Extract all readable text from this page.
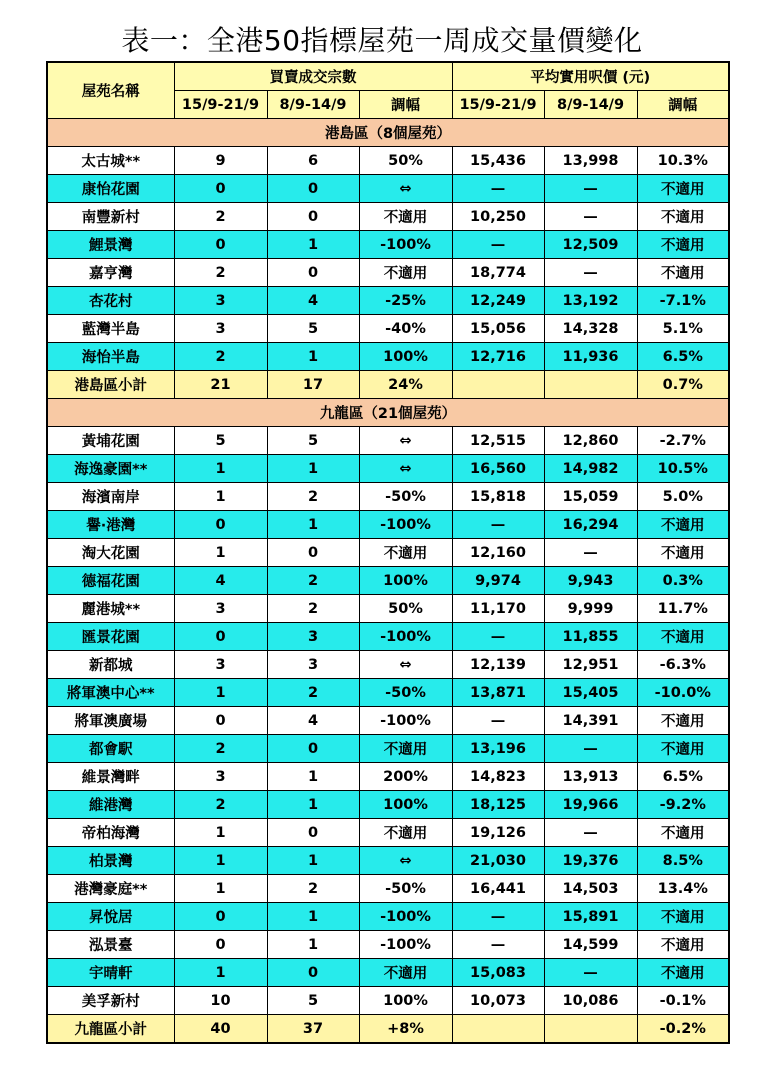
表一：全港50指標屋苑一周成交量價變化
屋苑名稱	買賣成交宗數			平均實用呎價 (元)		
	15/9-21/9	8/9-14/9	調幅	15/9-21/9	8/9-14/9	調幅
港島區（8個屋苑）						
太古城**	9	6	50%	15,436	13,998	10.3%
康怡花園	0	0	⇔	—	—	不適用
南豐新村	2	0	不適用	10,250	—	不適用
鯉景灣	0	1	-100%	—	12,509	不適用
嘉亨灣	2	0	不適用	18,774	—	不適用
杏花村	3	4	-25%	12,249	13,192	-7.1%
藍灣半島	3	5	-40%	15,056	14,328	5.1%
海怡半島	2	1	100%	12,716	11,936	6.5%
港島區小計	21	17	24%			0.7%
九龍區（21個屋苑）						
黃埔花園	5	5	⇔	12,515	12,860	-2.7%
海逸豪園**	1	1	⇔	16,560	14,982	10.5%
海濱南岸	1	2	-50%	15,818	15,059	5.0%
譽·港灣	0	1	-100%	—	16,294	不適用
淘大花園	1	0	不適用	12,160	—	不適用
德福花園	4	2	100%	9,974	9,943	0.3%
麗港城**	3	2	50%	11,170	9,999	11.7%
匯景花園	0	3	-100%	—	11,855	不適用
新都城	3	3	⇔	12,139	12,951	-6.3%
將軍澳中心**	1	2	-50%	13,871	15,405	-10.0%
將軍澳廣場	0	4	-100%	—	14,391	不適用
都會駅	2	0	不適用	13,196	—	不適用
維景灣畔	3	1	200%	14,823	13,913	6.5%
維港灣	2	1	100%	18,125	19,966	-9.2%
帝柏海灣	1	0	不適用	19,126	—	不適用
柏景灣	1	1	⇔	21,030	19,376	8.5%
港灣豪庭**	1	2	-50%	16,441	14,503	13.4%
昇悅居	0	1	-100%	—	15,891	不適用
泓景臺	0	1	-100%	—	14,599	不適用
宇晴軒	1	0	不適用	15,083	—	不適用
美孚新村	10	5	100%	10,073	10,086	-0.1%
九龍區小計	40	37	+8%			-0.2%
